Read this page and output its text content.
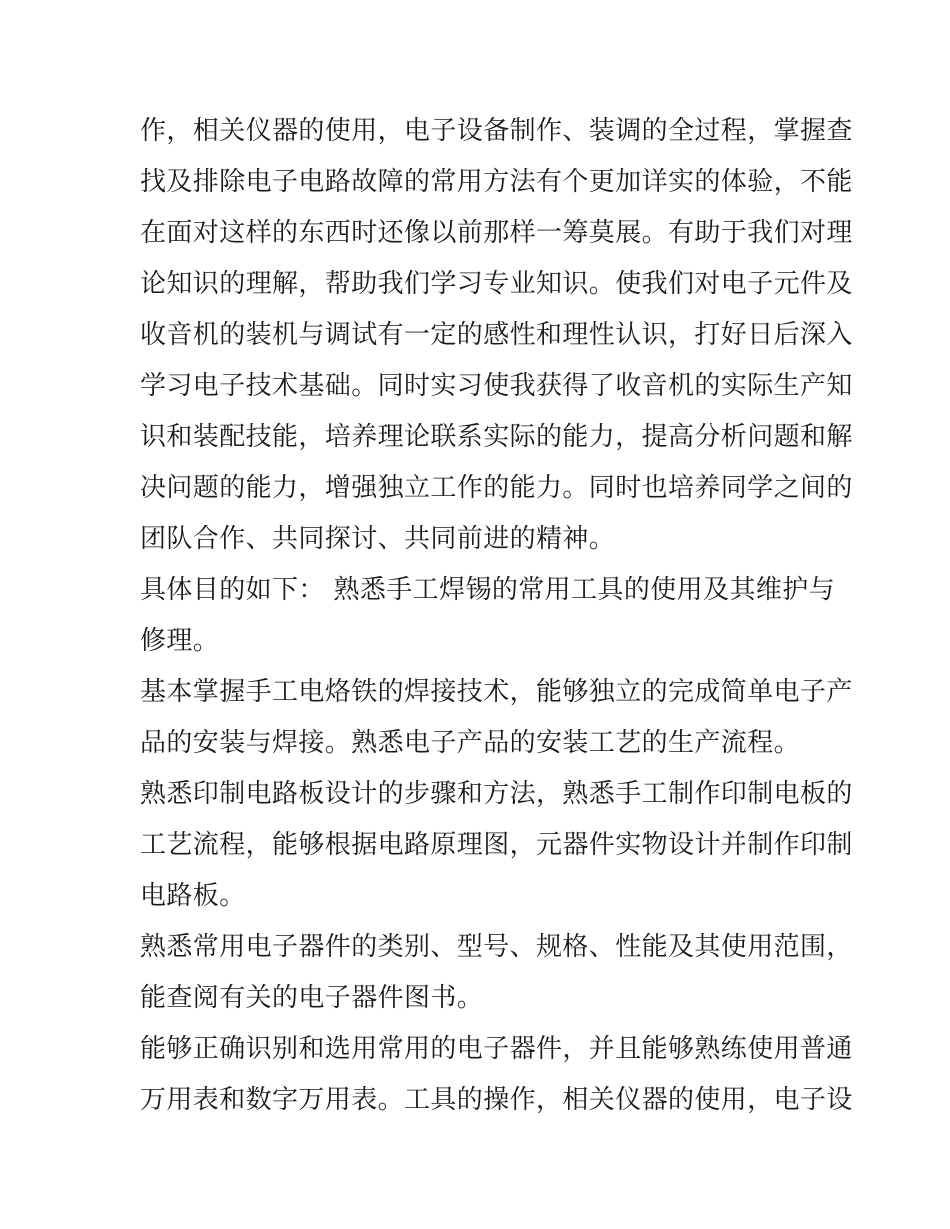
作，相关仪器的使用，电子设备制作、装调的全过程，掌握查
找及排除电子电路故障的常用方法有个更加详实的体验，不能
在面对这样的东西时还像以前那样一筹莫展。有助于我们对理
论知识的理解，帮助我们学习专业知识。使我们对电子元件及
收音机的装机与调试有一定的感性和理性认识，打好日后深入
学习电子技术基础。同时实习使我获得了收音机的实际生产知
识和装配技能，培养理论联系实际的能力，提高分析问题和解
决问题的能力，增强独立工作的能力。同时也培养同学之间的
团队合作、共同探讨、共同前进的精神。

具体目的如下： 熟悉手工焊锡的常用工具的使用及其维护与
修理。

基本掌握手工电烙铁的焊接技术，能够独立的完成简单电子产
品的安装与焊接。熟悉电子产品的安装工艺的生产流程。

熟悉印制电路板设计的步骤和方法，熟悉手工制作印制电板的
工艺流程，能够根据电路原理图，元器件实物设计并制作印制
电路板。

熟悉常用电子器件的类别、型号、规格、性能及其使用范围，
能查阅有关的电子器件图书。

能够正确识别和选用常用的电子器件，并且能够熟练使用普通
万用表和数字万用表。工具的操作，相关仪器的使用，电子设
